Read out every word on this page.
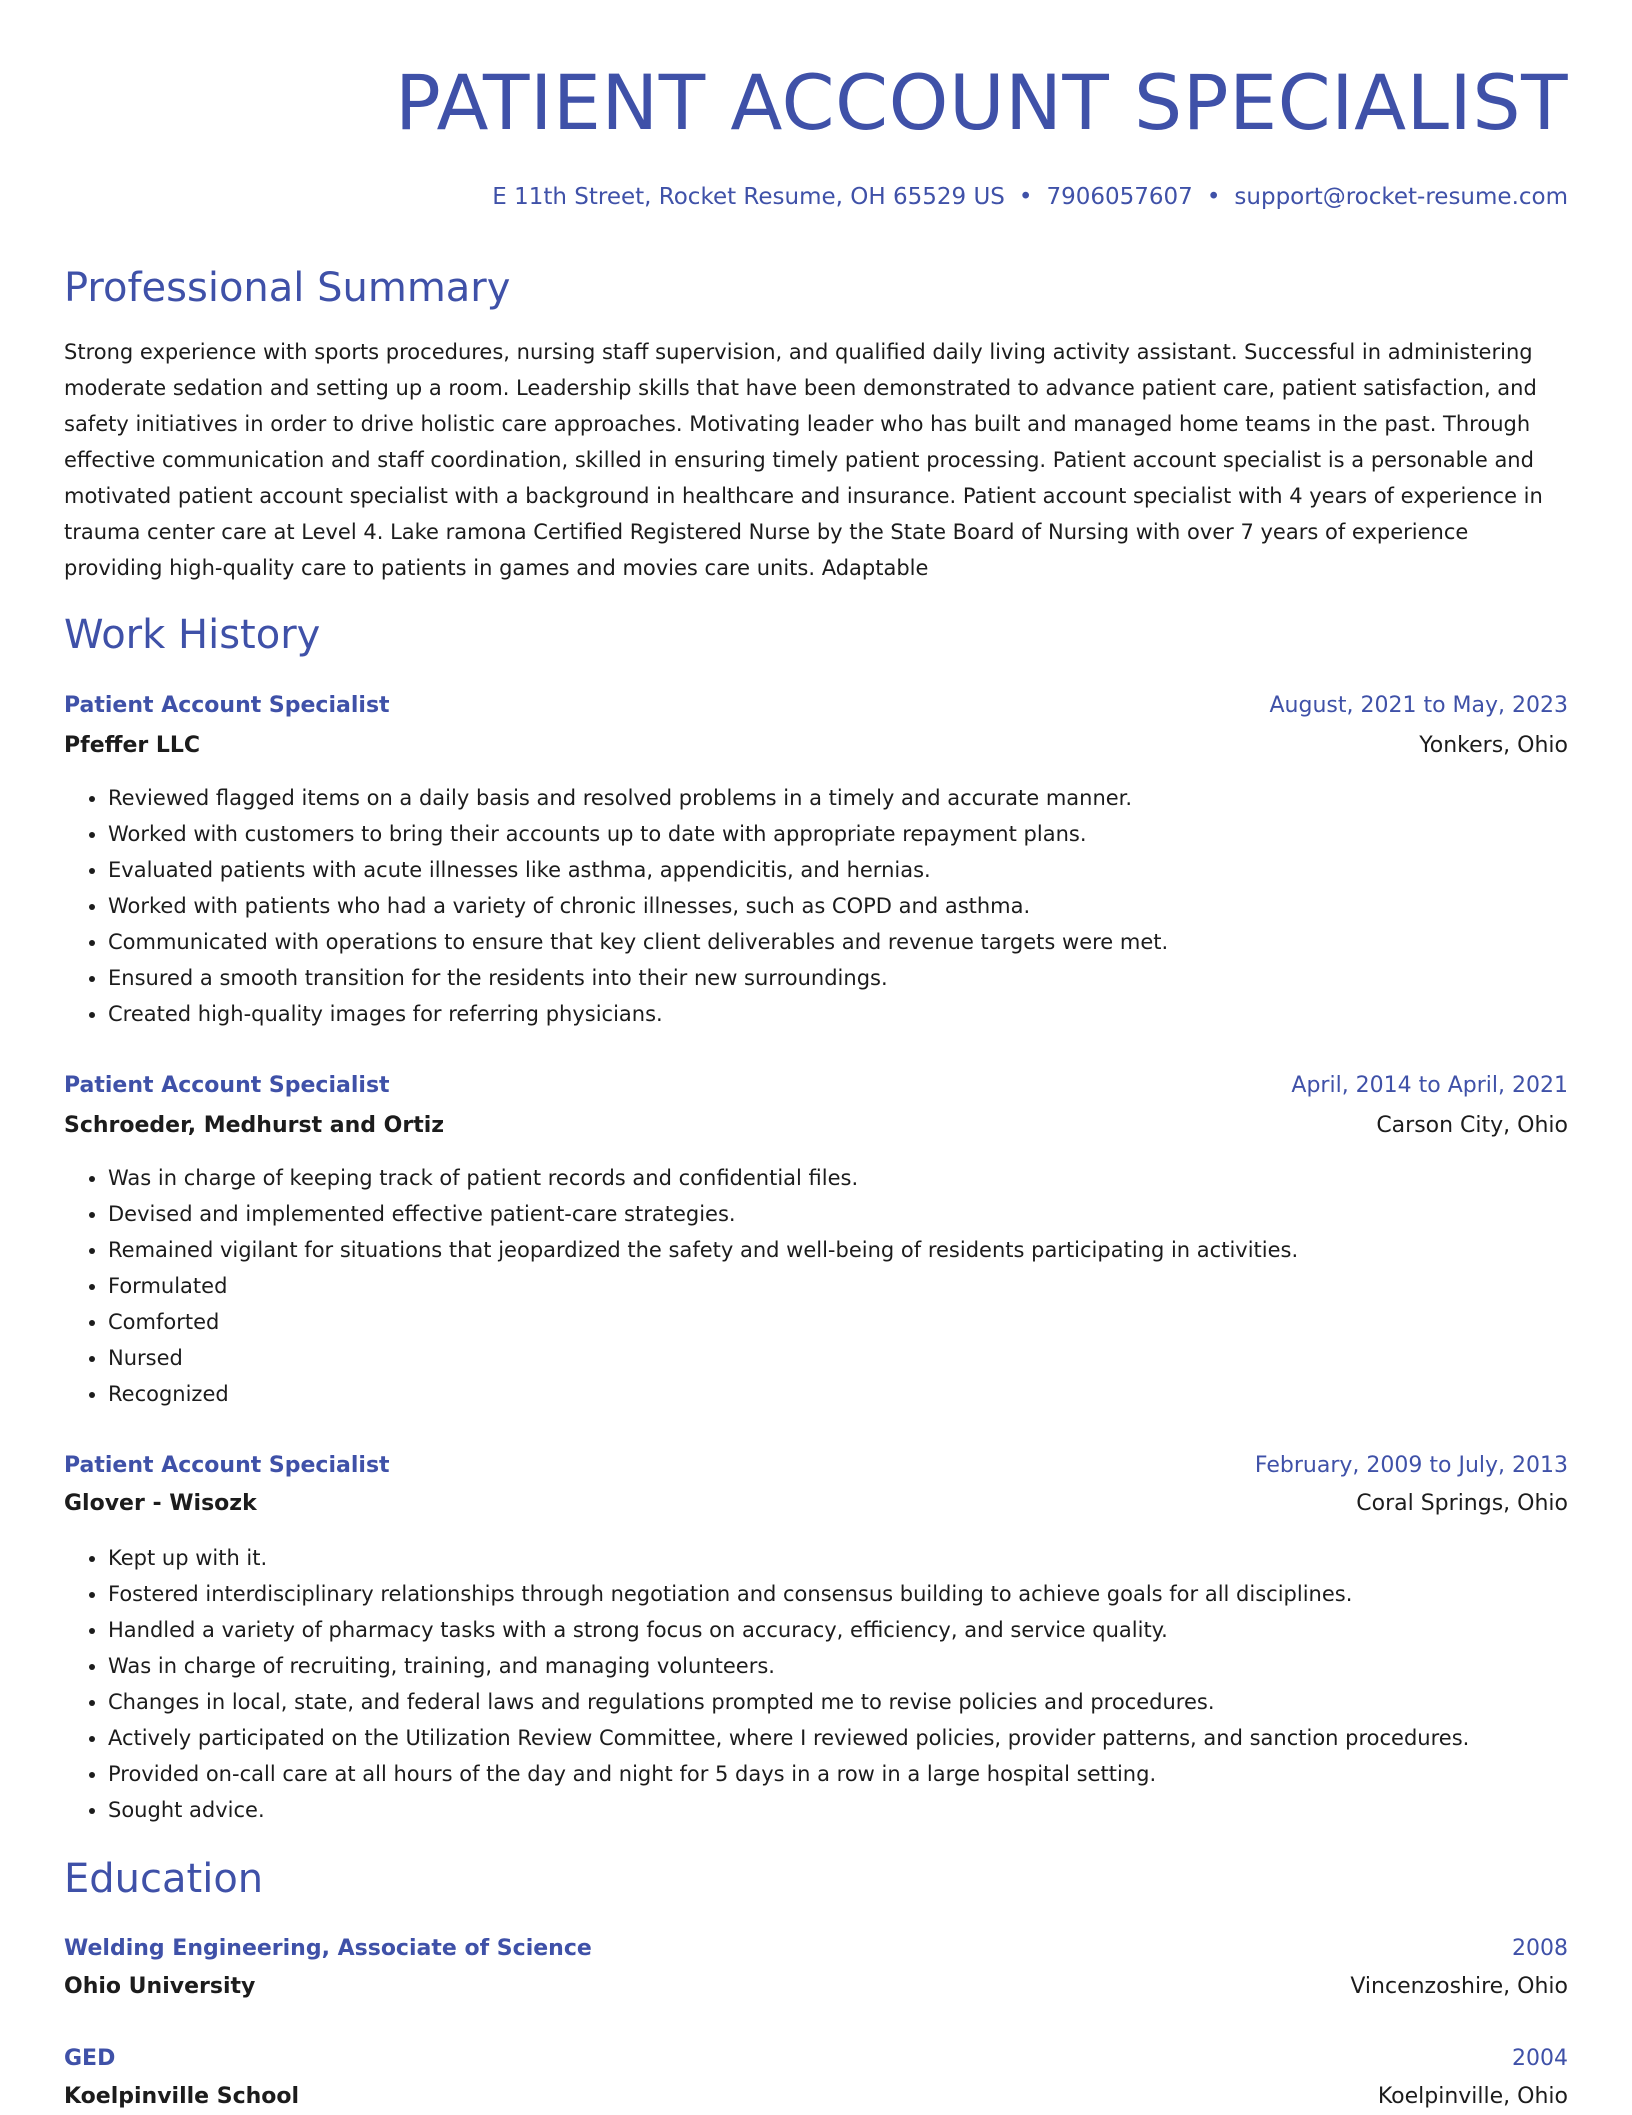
PATIENT ACCOUNT SPECIALIST
E 11th Street, Rocket Resume, OH 65529 US • 7906057607 • support@rocket-resume.com
Professional Summary

Strong experience with sports procedures, nursing staff supervision, and qualified daily living activity assistant. Successful in administering moderate sedation and setting up a room. Leadership skills that have been demonstrated to advance patient care, patient satisfaction, and safety initiatives in order to drive holistic care approaches. Motivating leader who has built and managed home teams in the past. Through effective communication and staff coordination, skilled in ensuring timely patient processing. Patient account specialist is a personable and motivated patient account specialist with a background in healthcare and insurance. Patient account specialist with 4 years of experience in trauma center care at Level 4. Lake ramona Certified Registered Nurse by the State Board of Nursing with over 7 years of experience providing high-quality care to patients in games and movies care units. Adaptable

Work History
Patient Account Specialist	August, 2021 to May, 2023
Pfeffer LLC	Yonkers, Ohio
• Reviewed flagged items on a daily basis and resolved problems in a timely and accurate manner.
• Worked with customers to bring their accounts up to date with appropriate repayment plans.
• Evaluated patients with acute illnesses like asthma, appendicitis, and hernias.
• Worked with patients who had a variety of chronic illnesses, such as COPD and asthma.
• Communicated with operations to ensure that key client deliverables and revenue targets were met.
• Ensured a smooth transition for the residents into their new surroundings.
• Created high-quality images for referring physicians.
Patient Account Specialist	April, 2014 to April, 2021
Schroeder, Medhurst and Ortiz	Carson City, Ohio
• Was in charge of keeping track of patient records and confidential files.
• Devised and implemented effective patient-care strategies.
• Remained vigilant for situations that jeopardized the safety and well-being of residents participating in activities.
• Formulated
• Comforted
• Nursed
• Recognized
Patient Account Specialist	February, 2009 to July, 2013
Glover - Wisozk	Coral Springs, Ohio
• Kept up with it.
• Fostered interdisciplinary relationships through negotiation and consensus building to achieve goals for all disciplines.
• Handled a variety of pharmacy tasks with a strong focus on accuracy, efficiency, and service quality.
• Was in charge of recruiting, training, and managing volunteers.
• Changes in local, state, and federal laws and regulations prompted me to revise policies and procedures.
• Actively participated on the Utilization Review Committee, where I reviewed policies, provider patterns, and sanction procedures.
• Provided on-call care at all hours of the day and night for 5 days in a row in a large hospital setting.
• Sought advice.
Education
Welding Engineering, Associate of Science	2008
Ohio University	Vincenzoshire, Ohio
GED	2004
Koelpinville School	Koelpinville, Ohio
